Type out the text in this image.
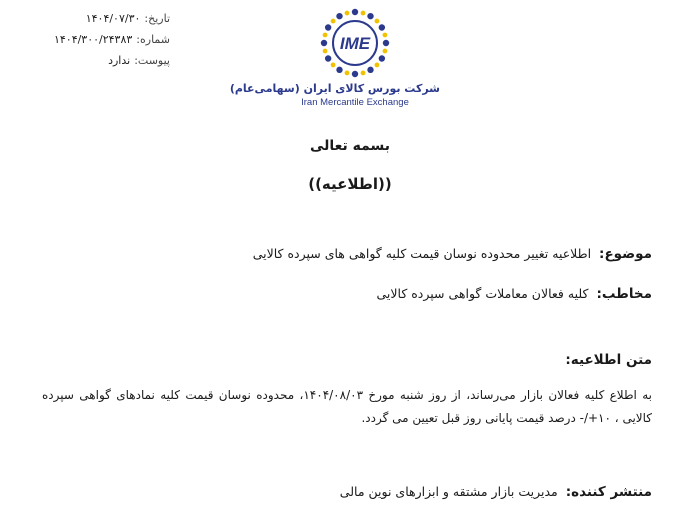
تاریخ:
۱۴۰۴/۰۷/۳۰
شماره:
۱۴۰۴/۳۰۰/۲۴۳۸۳
پیوست:
ندارد
IME
شرکت بورس کالای ایران (سهامی‌عام)
Iran Mercantile Exchange
بسمه تعالی
((اطلاعیه))
موضوع: اطلاعیه تغییر محدوده نوسان قیمت کلیه گواهی های سپرده کالایی
مخاطب: کلیه فعالان معاملات گواهی سپرده کالایی
متن اطلاعیه:
به اطلاع کلیه فعالان بازار می‌رساند، از روز شنبه مورخ ۱۴۰۴/۰۸/۰۳، محدوده نوسان قیمت کلیه نمادهای گواهی سپرده کالایی ، ۱۰+/- درصد قیمت پایانی روز قبل تعیین می گردد.
منتشر کننده: مدیریت بازار مشتقه و ابزارهای نوین مالی
